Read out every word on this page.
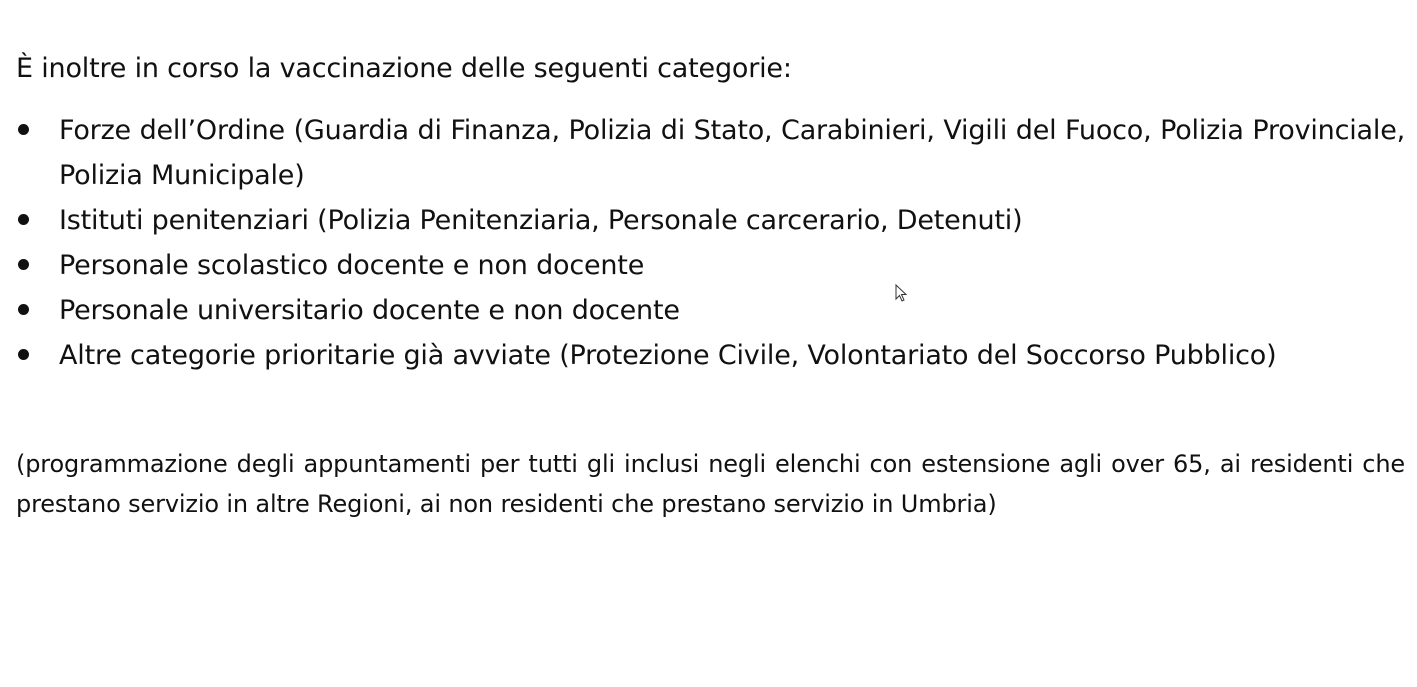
È inoltre in corso la vaccinazione delle seguenti categorie:
Forze dell’Ordine (Guardia di Finanza, Polizia di Stato, Carabinieri, Vigili del Fuoco, Polizia Provinciale, Polizia Municipale)
Istituti penitenziari (Polizia Penitenziaria, Personale carcerario, Detenuti)
Personale scolastico docente e non docente
Personale universitario docente e non docente
Altre categorie prioritarie già avviate (Protezione Civile, Volontariato del Soccorso Pubblico)
(programmazione degli appuntamenti per tutti gli inclusi negli elenchi con estensione agli over 65, ai residenti che prestano servizio in altre Regioni, ai non residenti che prestano servizio in Umbria)
